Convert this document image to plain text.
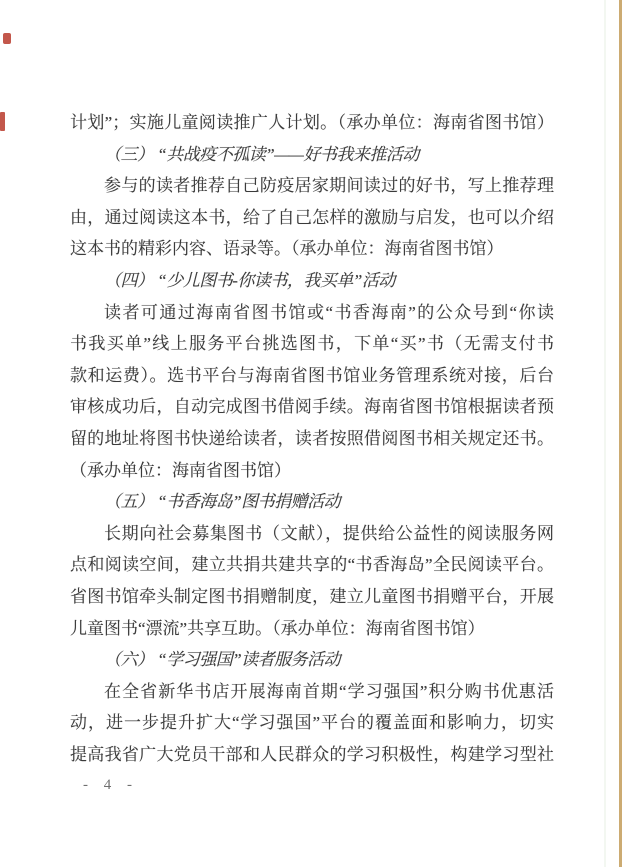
计划”；实施儿童阅读推广人计划。（承办单位：海南省图书馆）
（三） “共战疫不孤读”——好书我来推活动
参与的读者推荐自己防疫居家期间读过的好书，写上推荐理
由，通过阅读这本书，给了自己怎样的激励与启发，也可以介绍
这本书的精彩内容、语录等。（承办单位：海南省图书馆）
（四） “少儿图书-你读书，我买单”活动
读者可通过海南省图书馆或“书香海南”的公众号到“你读
书我买单”线上服务平台挑选图书，下单“买”书（无需支付书
款和运费）。选书平台与海南省图书馆业务管理系统对接，后台
审核成功后，自动完成图书借阅手续。海南省图书馆根据读者预
留的地址将图书快递给读者，读者按照借阅图书相关规定还书。
（承办单位：海南省图书馆）
（五） “书香海岛”图书捐赠活动
长期向社会募集图书（文献），提供给公益性的阅读服务网
点和阅读空间，建立共捐共建共享的“书香海岛”全民阅读平台。
省图书馆牵头制定图书捐赠制度，建立儿童图书捐赠平台，开展
儿童图书“漂流”共享互助。（承办单位：海南省图书馆）
（六） “学习强国”读者服务活动
在全省新华书店开展海南首期“学习强国”积分购书优惠活
动，进一步提升扩大“学习强国”平台的覆盖面和影响力，切实
提高我省广大党员干部和人民群众的学习积极性，构建学习型社
- 4 -
